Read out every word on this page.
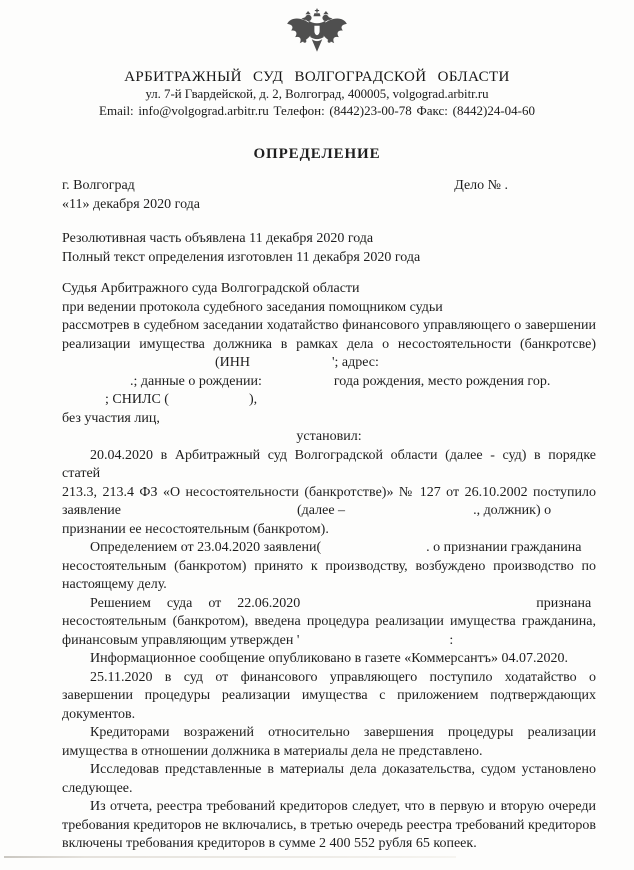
АРБИТРАЖНЫЙ СУД ВОЛГОГРАДСКОЙ ОБЛАСТИ
ул. 7-й Гвардейской, д. 2, Волгоград, 400005, volgograd.arbitr.ru
Email: info@volgograd.arbitr.ru Телефон: (8442)23-00-78 Факс: (8442)24-04-60
ОПРЕДЕЛЕНИЕ
г. Волгоград	Дело № .
«11» декабря 2020 года
Резолютивная часть объявлена 11 декабря 2020 года
Полный текст определения изготовлен 11 декабря 2020 года
Судья Арбитражного суда Волгоградской области
при ведении протокола судебного заседания помощником судьи
рассмотрев в судебном заседании ходатайство финансового управляющего о завершении
реализации имущества должника в рамках дела о несостоятельности (банкротсве)
(ИНН	'; адрес:
.; данные о рождении:	года рождения, место рождения гор.
; СНИЛС (	),
без участия лиц,
установил:
20.04.2020 в Арбитражный суд Волгоградской области (далее - суд) в порядке статей
213.3, 213.4 ФЗ «О несостоятельности (банкротстве)» № 127 от 26.10.2002 поступило
заявление	(далее –	., должник) о
признании ее несостоятельным (банкротом).
Определением от 23.04.2020 заявлени(	. о признании гражданина
несостоятельным (банкротом) принято к производству, возбуждено производство по
настоящему делу.
Решением суда от 22.06.2020	признана
несостоятельным (банкротом), введена процедура реализации имущества гражданина,
финансовым управляющим утвержден '	:
Информационное сообщение опубликовано в газете «Коммерсантъ» 04.07.2020.
25.11.2020 в суд от финансового управляющего поступило ходатайство о
завершении процедуры реализации имущества с приложением подтверждающих
документов.
Кредиторами возражений относительно завершения процедуры реализации
имущества в отношении должника в материалы дела не представлено.
Исследовав представленные в материалы дела доказательства, судом установлено
следующее.
Из отчета, реестра требований кредиторов следует, что в первую и вторую очереди
требования кредиторов не включались, в третью очередь реестра требований кредиторов
включены требования кредиторов в сумме 2 400 552 рубля 65 копеек.
